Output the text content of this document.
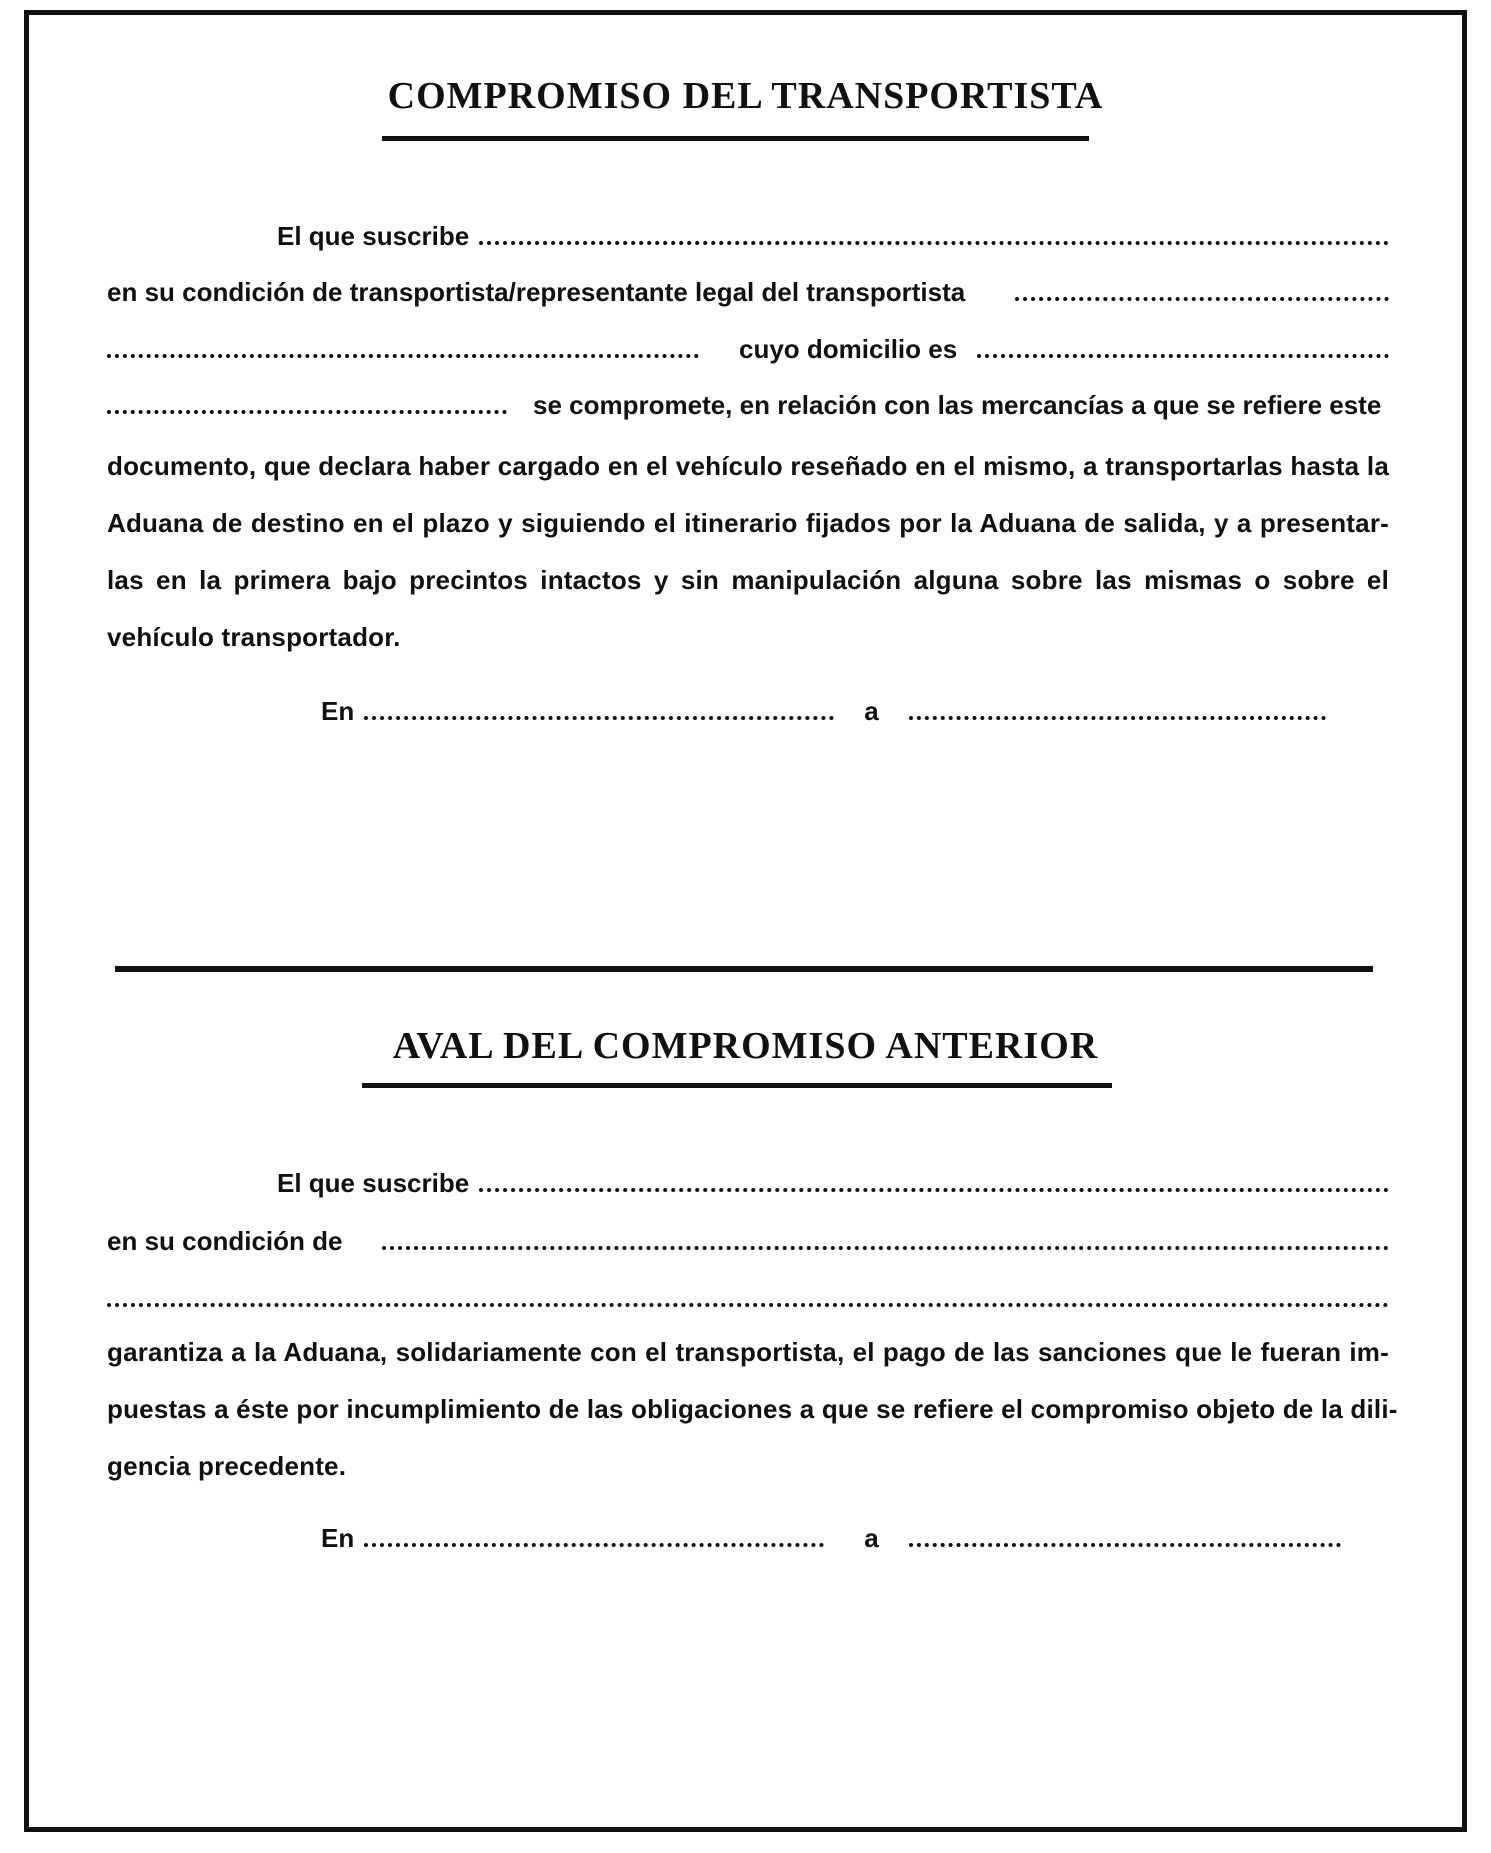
COMPROMISO DEL TRANSPORTISTA
El que suscribe
en su condición de transportista/representante legal del transportista
cuyo domicilio es
se compromete, en relación con las mercancías a que se refiere este
documento, que declara haber cargado en el vehículo reseñado en el mismo, a transportarlas hasta la
Aduana de destino en el plazo y siguiendo el itinerario fijados por la Aduana de salida, y a presentar-
las en la primera bajo precintos intactos y sin manipulación alguna sobre las mismas o sobre el
vehículo transportador.
En	a
AVAL DEL COMPROMISO ANTERIOR
El que suscribe
en su condición de
garantiza a la Aduana, solidariamente con el transportista, el pago de las sanciones que le fueran im-
puestas a éste por incumplimiento de las obligaciones a que se refiere el compromiso objeto de la dili-
gencia precedente.
En	a
